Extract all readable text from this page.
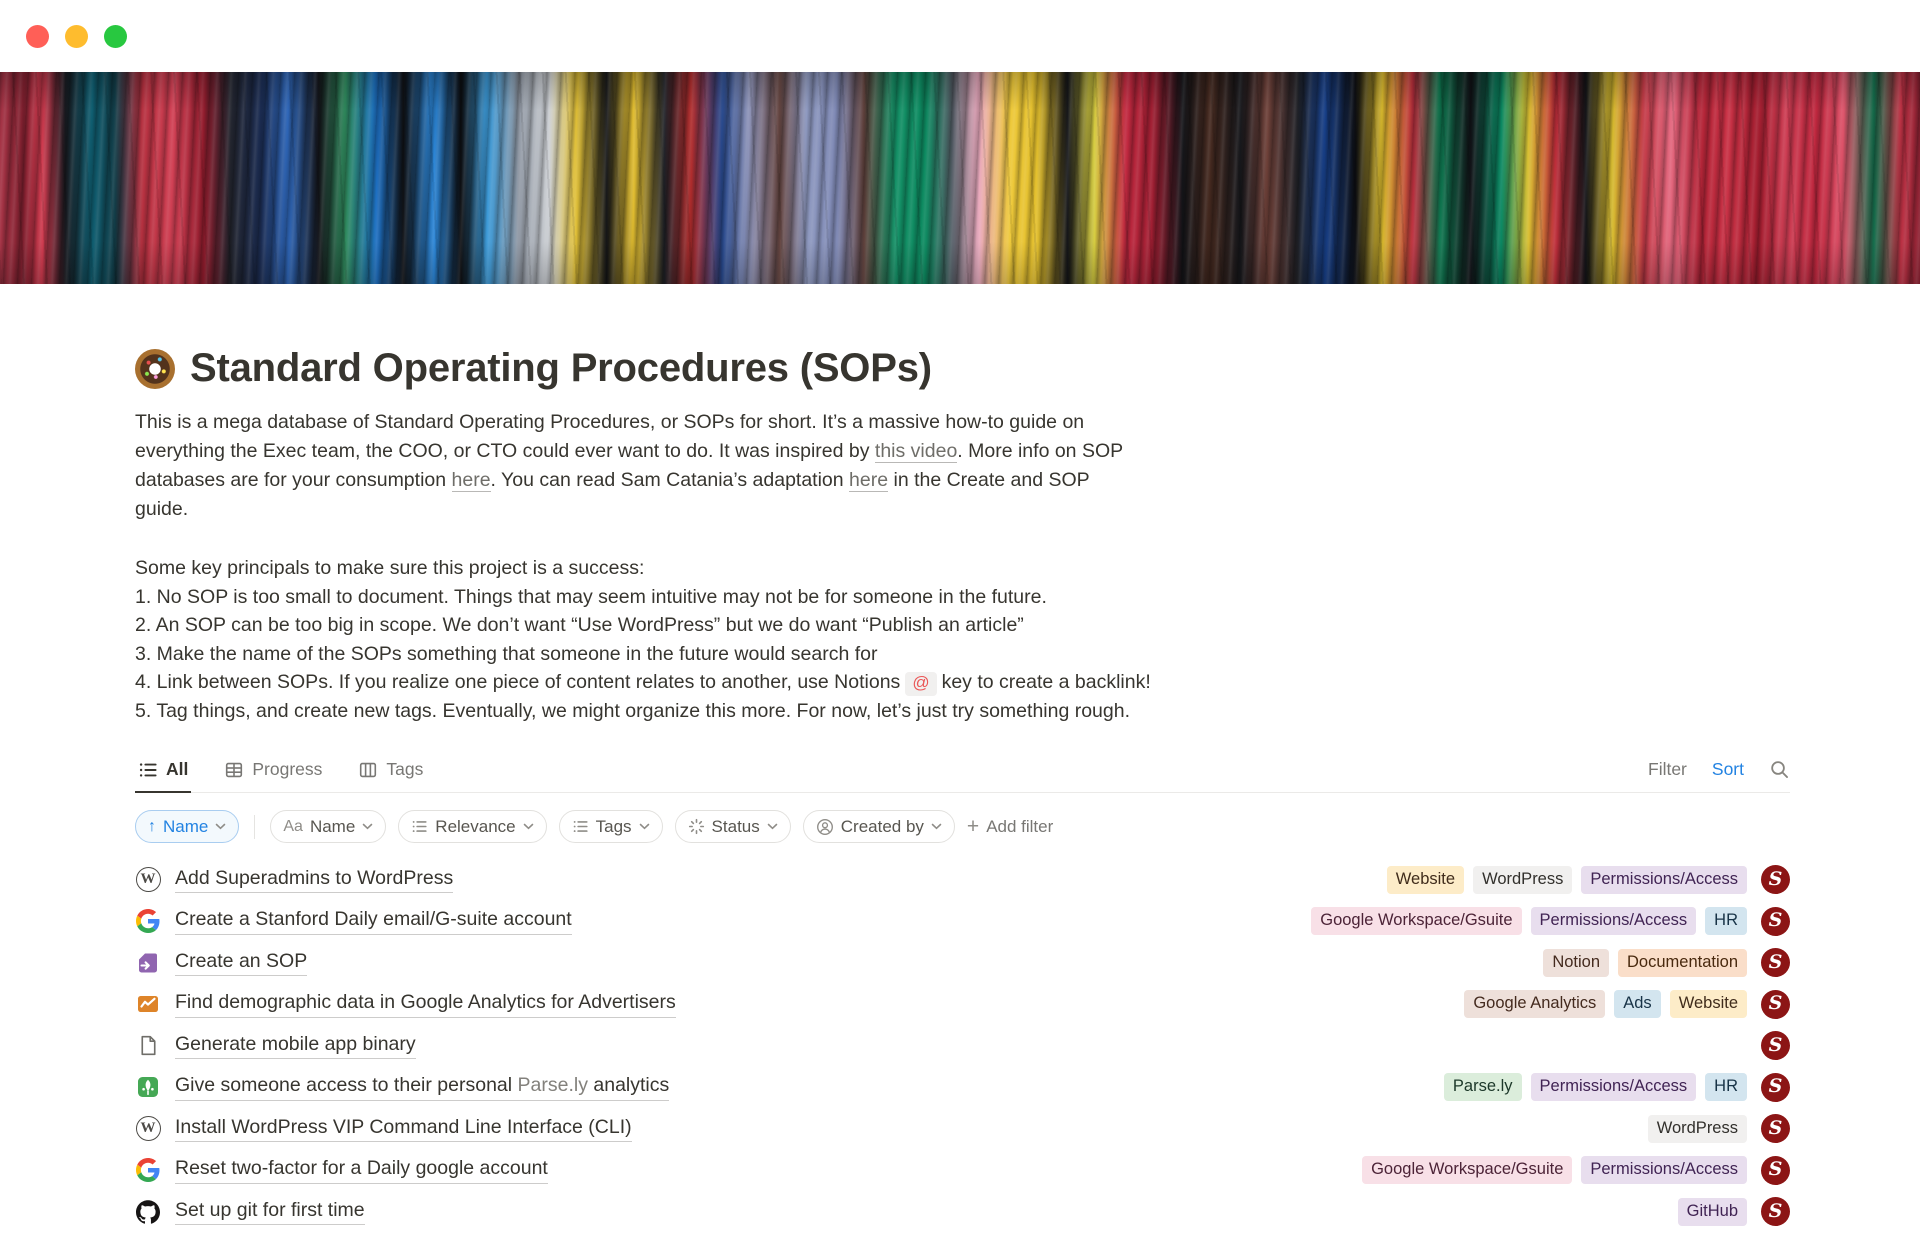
Standard Operating Procedures (SOPs)

This is a mega database of Standard Operating Procedures, or SOPs for short. It’s a massive how-to guide on everything the Exec team, the COO, or CTO could ever want to do. It was inspired by this video. More info on SOP databases are for your consumption here. You can read Sam Catania’s adaptation here in the Create and SOP guide.

Some key principals to make sure this project is a success:
1. No SOP is too small to document. Things that may seem intuitive may not be for someone in the future.
2. An SOP can be too big in scope. We don’t want “Use WordPress” but we do want “Publish an article”
3. Make the name of the SOPs something that someone in the future would search for
4. Link between SOPs. If you realize one piece of content relates to another, use Notions @ key to create a backlink!
5. Tag things, and create new tags. Eventually, we might organize this more. For now, let’s just try something rough.
All	Progress	Tags	Filter Sort
↑ Name	Aa Name	Relevance	Tags	Status	Created by + Add filter
W Add Superadmins to WordPress	Website	WordPress	Permissions/Access	S
Create a Stanford Daily email/G-suite account	Google Workspace/Gsuite	Permissions/Access	HR	S
Create an SOP	Notion	Documentation	S
Find demographic data in Google Analytics for Advertisers	Google Analytics	Ads	Website	S
Generate mobile app binary	S
Give someone access to their personal Parse.ly analytics	Parse.ly	Permissions/Access	HR	S
W Install WordPress VIP Command Line Interface (CLI)	WordPress	S
Reset two-factor for a Daily google account	Google Workspace/Gsuite	Permissions/Access	S
Set up git for first time	GitHub	S
